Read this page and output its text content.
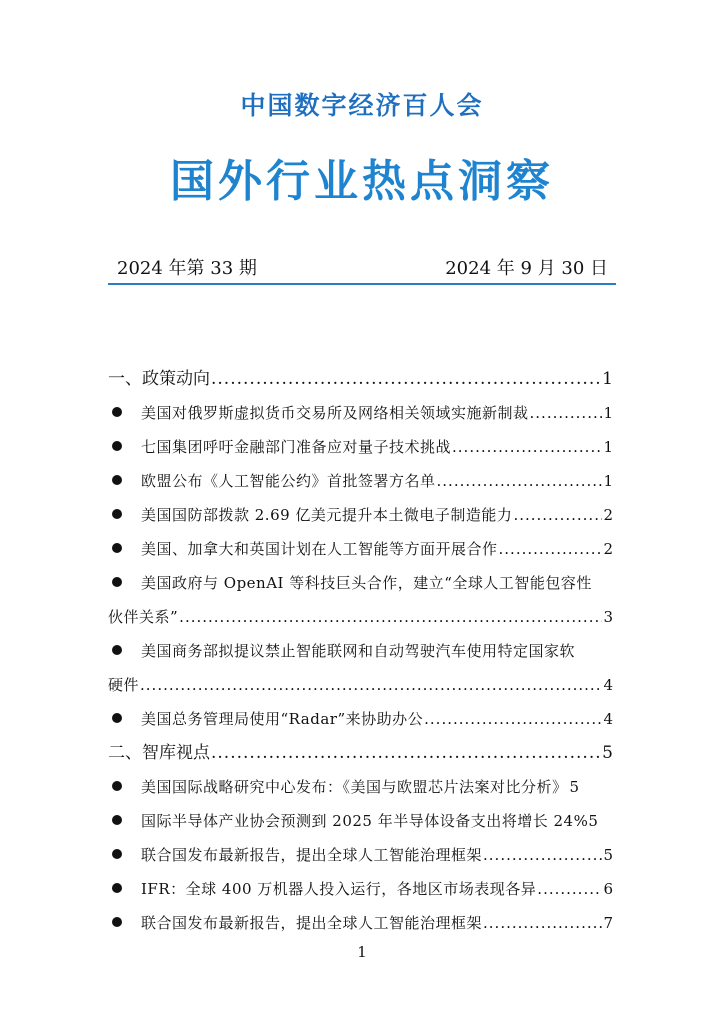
中国数字经济百人会
国外行业热点洞察
2024 年第 33 期	2024 年 9 月 30 日
一、 政策动向 .....	1
美国对俄罗斯虚拟货币交易所及网络相关领域实施新制裁 .....	1
七国集团呼吁金融部门准备应对量子技术挑战 .....	1
欧盟公布《人工智能公约》首批签署方名单 .....	1
美国国防部拨款 2.69 亿美元提升本土微电子制造能力 .....	2
美国、加拿大和英国计划在人工智能等方面开展合作 .....	2
美国政府与 OpenAI 等科技巨头合作，建立“全球人工智能包容性
伙伴关系” .....	3
美国商务部拟提议禁止智能联网和自动驾驶汽车使用特定国家软
硬件 .....	4
美国总务管理局使用“Radar”来协助办公 .....	4
二、 智库视点 .....	5
美国国际战略研究中心发布：《美国与欧盟芯片法案对比分析》 5
国际半导体产业协会预测到 2025 年半导体设备支出将增长 24% 5
联合国发布最新报告，提出全球人工智能治理框架 .....	5
IFR：全球 400 万机器人投入运行，各地区市场表现各异 .....	6
联合国发布最新报告，提出全球人工智能治理框架 .....	7
1
